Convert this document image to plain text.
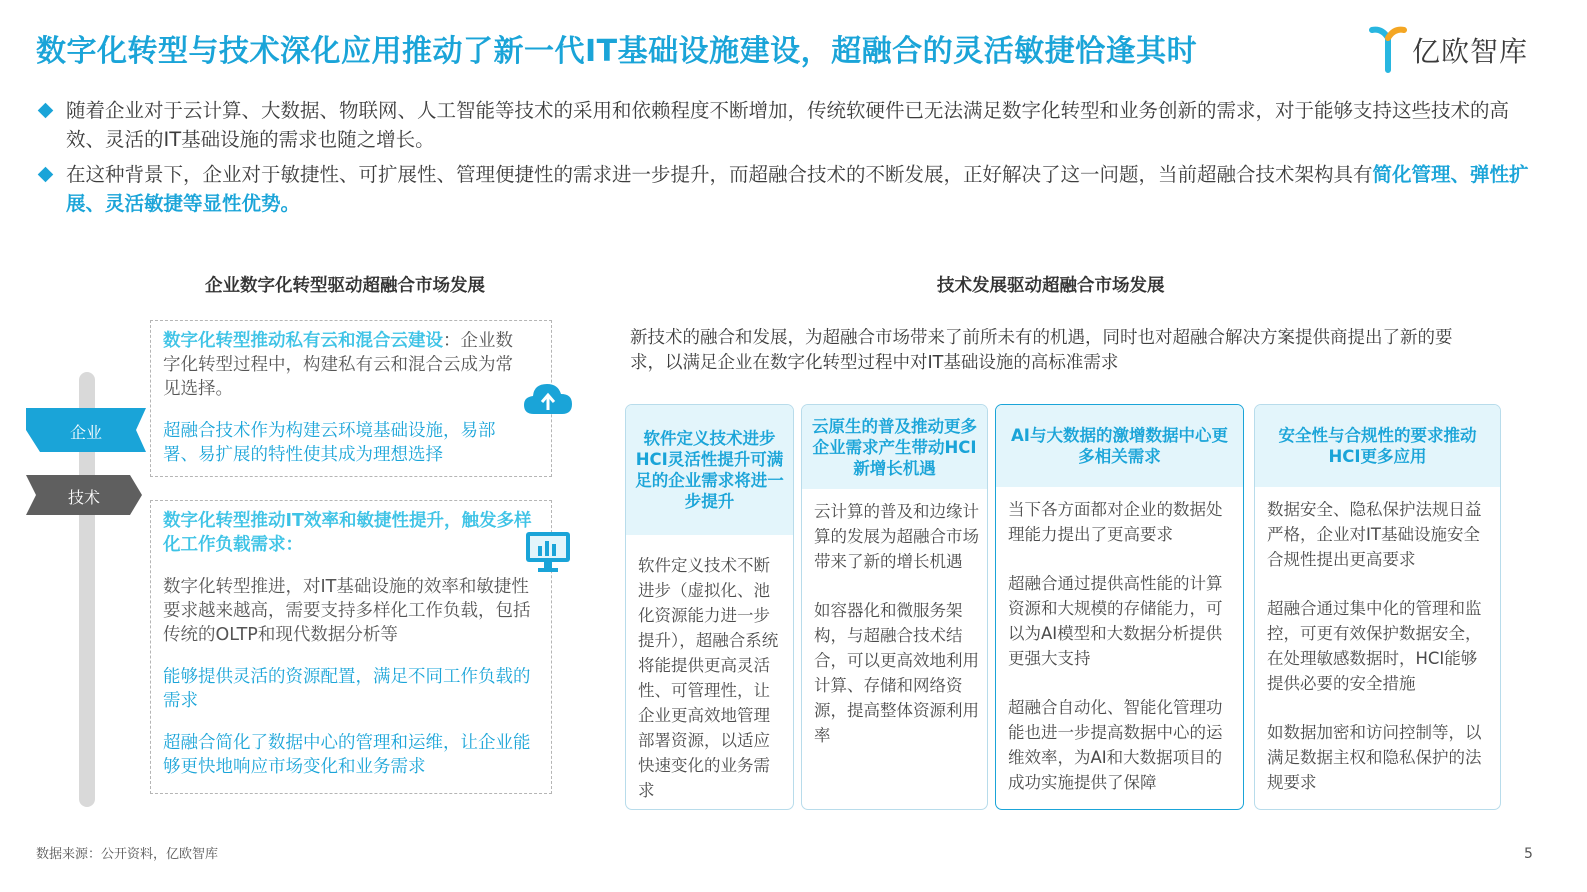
数字化转型与技术深化应用推动了新一代IT基础设施建设，超融合的灵活敏捷恰逢其时	亿欧智库
随着企业对于云计算、大数据、物联网、人工智能等技术的采用和依赖程度不断增加，传统软硬件已无法满足数字化转型和业务创新的需求，对于能够支持这些技术的高效、灵活的IT基础设施的需求也随之增长。
在这种背景下，企业对于敏捷性、可扩展性、管理便捷性的需求进一步提升，而超融合技术的不断发展，正好解决了这一问题，当前超融合技术架构具有简化管理、弹性扩展、灵活敏捷等显性优势。
企业数字化转型驱动超融合市场发展
企业
技术

数字化转型推动私有云和混合云建设：企业数字化转型过程中，构建私有云和混合云成为常见选择。

超融合技术作为构建云环境基础设施，易部署、易扩展的特性使其成为理想选择

数字化转型推动IT效率和敏捷性提升，触发多样化工作负载需求：

数字化转型推进，对IT基础设施的效率和敏捷性要求越来越高，需要支持多样化工作负载，包括传统的OLTP和现代数据分析等

能够提供灵活的资源配置，满足不同工作负载的需求

超融合简化了数据中心的管理和运维，让企业能够更快地响应市场变化和业务需求

技术发展驱动超融合市场发展
新技术的融合和发展，为超融合市场带来了前所未有的机遇，同时也对超融合解决方案提供商提出了新的要求，以满足企业在数字化转型过程中对IT基础设施的高标准需求
软件定义技术进步HCI灵活性提升可满足的企业需求将进一步提升

软件定义技术不断进步（虚拟化、池化资源能力进一步提升），超融合系统将能提供更高灵活性、可管理性，让企业更高效地管理部署资源，以适应快速变化的业务需求

云原生的普及推动更多企业需求产生带动HCI新增长机遇

云计算的普及和边缘计算的发展为超融合市场带来了新的增长机遇

如容器化和微服务架构，与超融合技术结合，可以更高效地利用计算、存储和网络资源，提高整体资源利用率

AI与大数据的激增数据中心更多相关需求

当下各方面都对企业的数据处理能力提出了更高要求

超融合通过提供高性能的计算资源和大规模的存储能力，可以为AI模型和大数据分析提供更强大支持

超融合自动化、智能化管理功能也进一步提高数据中心的运维效率，为AI和大数据项目的成功实施提供了保障

安全性与合规性的要求推动HCI更多应用

数据安全、隐私保护法规日益严格，企业对IT基础设施安全合规性提出更高要求

超融合通过集中化的管理和监控，可更有效保护数据安全，在处理敏感数据时，HCI能够提供必要的安全措施

如数据加密和访问控制等，以满足数据主权和隐私保护的法规要求

数据来源：公开资料，亿欧智库	5
